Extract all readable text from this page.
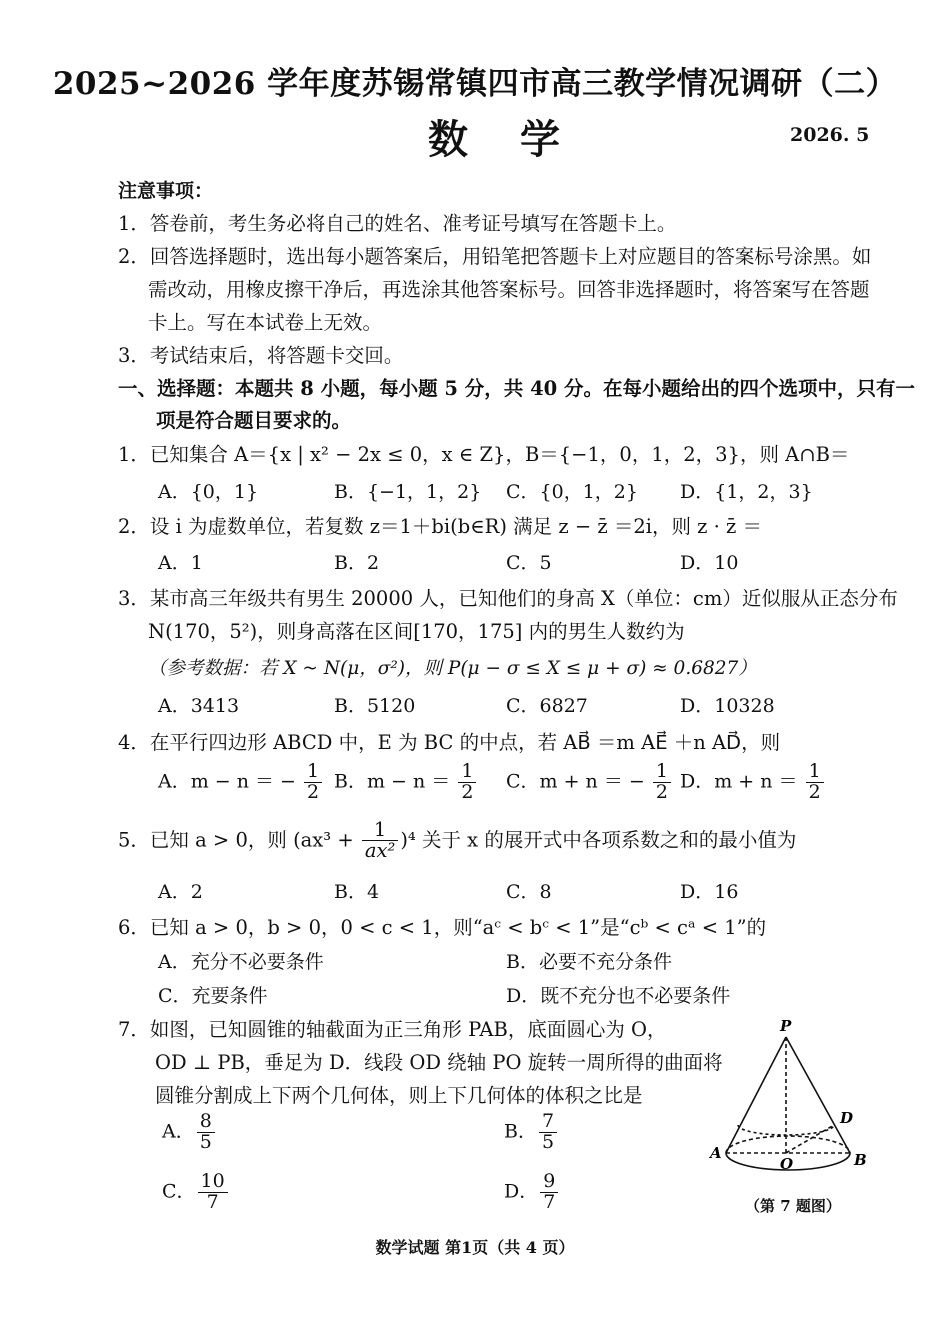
2025~2026 学年度苏锡常镇四市高三教学情况调研（二）
数学	2026. 5
注意事项：
1．答卷前，考生务必将自己的姓名、准考证号填写在答题卡上。
2．回答选择题时，选出每小题答案后，用铅笔把答题卡上对应题目的答案标号涂黑。如
需改动，用橡皮擦干净后，再选涂其他答案标号。回答非选择题时，将答案写在答题
卡上。写在本试卷上无效。
3．考试结束后，将答题卡交回。
一、选择题：本题共 8 小题，每小题 5 分，共 40 分。在每小题给出的四个选项中，只有一
项是符合题目要求的。
1．已知集合 A＝{x | x² − 2x ≤ 0，x ∈ Z}，B＝{−1，0，1，2，3}，则 A∩B＝
A．{0，1}	B．{−1，1，2} C．{0，1，2} D．{1，2，3}
2．设 i 为虚数单位，若复数 z＝1＋bi(b∈R) 满足 z − z̄ ＝2i，则 z · z̄ ＝
A．1	B．2	C．5	D．10
3．某市高三年级共有男生 20000 人，已知他们的身高 X（单位：cm）近似服从正态分布
N(170，5²)，则身高落在区间[170，175] 内的男生人数约为
（参考数据：若 X ~ N(μ，σ²)，则 P(μ − σ ≤ X ≤ μ + σ) ≈ 0.6827）
A．3413	B．5120	C．6827	D．10328
4．在平行四边形 ABCD 中，E 为 BC 的中点，若 AB⃗ ＝m AE⃗ ＋n AD⃗，则
A．m − n ＝ − $\frac{1}{2}$ B．$m - n = \frac{1}{2}$ C．m + n ＝ − $\frac{1}{2}$ D．$m + n = \frac{1}{2}$
5．已知 a > 0，则 $(ax^3 + \frac{1}{\text{ax²}} )^4$ 关于 x 的展开式中各项系数之和的最小值为
A．2	B．4	C．8	D．16
6．已知 a > 0，b > 0，0 < c < 1，则“aᶜ < bᶜ < 1”是“cᵇ < cᵃ < 1”的
A．充分不必要条件	B．必要不充分条件
C．充要条件	D．既不充分也不必要条件
7．如图，已知圆锥的轴截面为正三角形 PAB，底面圆心为 O，
OD ⊥ PB，垂足为 D．线段 OD 绕轴 PO 旋转一周所得的曲面将
圆锥分割成上下两个几何体，则上下几何体的体积之比是
A． $\frac{8}{5}$	B． $\frac{7}{5}$
C． $\frac{10}{7}$	D． $\frac{9}{7}$
P
A
O	B
D
（第 7 题图）
数学试题 第1页（共 4 页）
